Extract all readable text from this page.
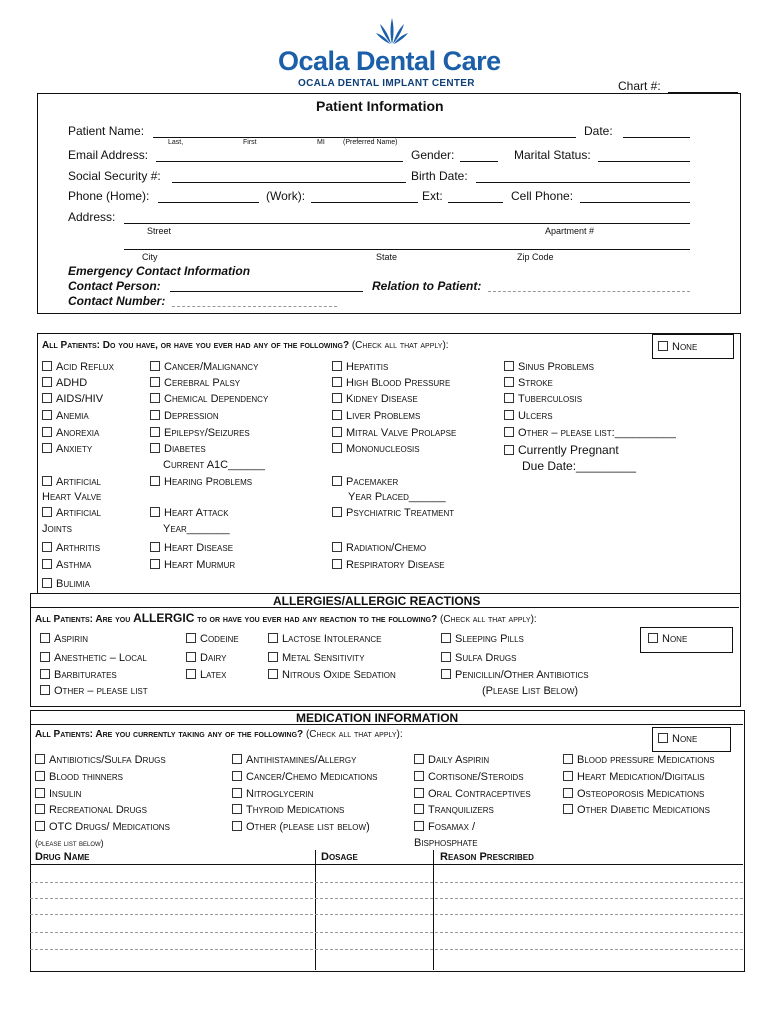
Ocala Dental Care
OCALA DENTAL IMPLANT CENTER	Chart #:
Patient Information
Patient Name:
Last,	First	MI	(Preferred Name)
Date:
Email Address:	Gender:	Marital Status:
Social Security #:	Birth Date:
Phone (Home):	(Work):	Ext:	Cell Phone:
Address:
Street	Apartment #
City	State	Zip Code
Emergency Contact Information
Contact Person:	Relation to Patient:
Contact Number:
All Patients: Do you have, or have you ever had any of the following? (Check all that apply):	None
Acid Reflux
ADHD
AIDS/HIV
Anemia
Anorexia
Anxiety
Artificial
Heart Valve
Artificial
Joints
Arthritis
Asthma
Bulimia
Cancer/Malignancy
Cerebral Palsy
Chemical Dependency
Depression
Epilepsy/Seizures
Diabetes
Current A1C______
Hearing Problems
Heart Attack
Year_______
Heart Disease
Heart Murmur
Hepatitis
High Blood Pressure
Kidney Disease
Liver Problems
Mitral Valve Prolapse
Mononucleosis
Pacemaker
Year Placed______
Psychiatric Treatment
Radiation/Chemo
Respiratory Disease
Sinus Problems
Stroke
Tuberculosis
Ulcers
Other – please list:__________
Currently Pregnant
Due Date:_________
ALLERGIES/ALLERGIC REACTIONS
All Patients: Are you ALLERGIC to or have you ever had any reaction to the following? (Check all that apply):
None
Aspirin
Anesthetic – Local
Barbiturates
Other – please list
Codeine
Dairy
Latex
Lactose Intolerance
Metal Sensitivity
Nitrous Oxide Sedation
Sleeping Pills
Sulfa Drugs
Penicillin/Other Antibiotics
(Please List Below)
MEDICATION INFORMATION
All Patients: Are you currently taking any of the following? (Check all that apply):	None
Antibiotics/Sulfa Drugs
Blood thinners
Insulin
Recreational Drugs
OTC Drugs/ Medications
(please list below)
Antihistamines/Allergy
Cancer/Chemo Medications
Nitroglycerin
Thyroid Medications
Other (please list below)
Daily Aspirin
Cortisone/Steroids
Oral Contraceptives
Tranquilizers
Fosamax /
Bisphosphate
Blood pressure Medications
Heart Medication/Digitalis
Osteoporosis Medications
Other Diabetic Medications
Drug Name	Dosage	Reason Prescribed
